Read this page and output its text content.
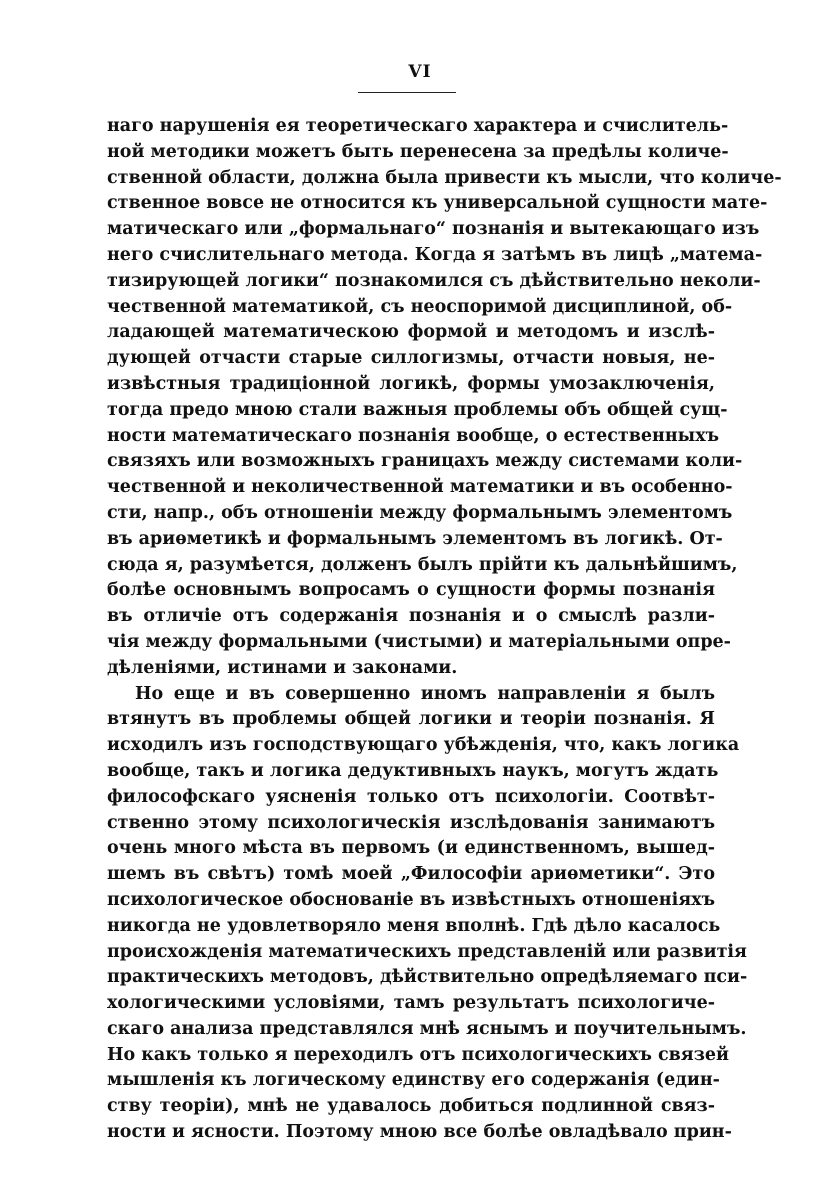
VI
наго нарушенія ея теоретическаго характера и счислитель-
ной методики можетъ быть перенесена за предѣлы количе-
ственной области, должна была привести къ мысли, что количе-
ственное вовсе не относится къ универсальной сущности мате-
матическаго или „формальнаго“ познанія и вытекающаго изъ
него счислительнаго метода. Когда я затѣмъ въ лицѣ „матема-
тизирующей логики“ познакомился съ дѣйствительно неколи-
чественной математикой, съ неоспоримой дисциплиной, об-
ладающей математическою формой и методомъ и изслѣ-
дующей отчасти старые силлогизмы, отчасти новыя, не-
извѣстныя традиціонной логикѣ, формы умозаключенія,
тогда предо мною стали важныя проблемы объ общей сущ-
ности математическаго познанія вообще, о естественныхъ
связяхъ или возможныхъ границахъ между системами коли-
чественной и неколичественной математики и въ особенно-
сти, напр., объ отношеніи между формальнымъ элементомъ
въ ариѳметикѣ и формальнымъ элементомъ въ логикѣ. От-
сюда я, разумѣется, долженъ былъ прійти къ дальнѣйшимъ,
болѣе основнымъ вопросамъ о сущности формы познанія
въ отличіе отъ содержанія познанія и о смыслѣ разли-
чія между формальными (чистыми) и матеріальными опре-
дѣленіями, истинами и законами.
Но еще и въ совершенно иномъ направленіи я былъ
втянутъ въ проблемы общей логики и теоріи познанія. Я
исходилъ изъ господствующаго убѣжденія, что, какъ логика
вообще, такъ и логика дедуктивныхъ наукъ, могутъ ждать
философскаго уясненія только отъ психологіи. Соотвѣт-
ственно этому психологическія изслѣдованія занимаютъ
очень много мѣста въ первомъ (и единственномъ, вышед-
шемъ въ свѣтъ) томѣ моей „Философіи ариѳметики“. Это
психологическое обоснованіе въ извѣстныхъ отношеніяхъ
никогда не удовлетворяло меня вполнѣ. Гдѣ дѣло касалось
происхожденія математическихъ представленій или развитія
практическихъ методовъ, дѣйствительно опредѣляемаго пси-
хологическими условіями, тамъ результатъ психологиче-
скаго анализа представлялся мнѣ яснымъ и поучительнымъ.
Но какъ только я переходилъ отъ психологическихъ связей
мышленія къ логическому единству его содержанія (един-
ству теоріи), мнѣ не удавалось добиться подлинной связ-
ности и ясности. Поэтому мною все болѣе овладѣвало прин-
